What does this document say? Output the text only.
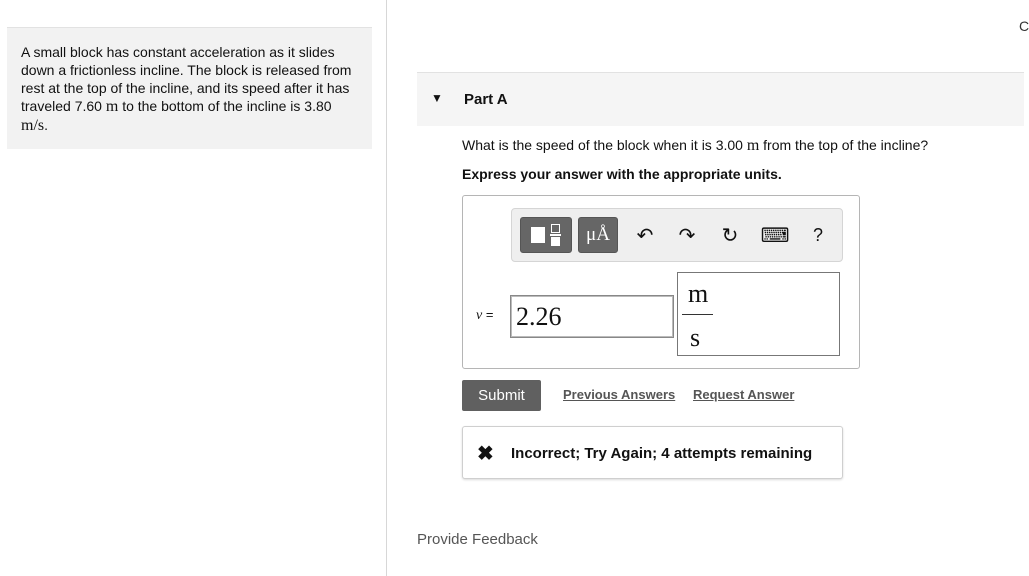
A small block has constant acceleration as it slides down a frictionless incline. The block is released from rest at the top of the incline, and its speed after it has traveled 7.60 m to the bottom of the incline is 3.80 m/s.
C
▼ Part A
What is the speed of the block when it is 3.00 m from the top of the incline?
Express your answer with the appropriate units.
μÅ ↶ ↷ ↻ ⌨ ?
v =
2.26
m
s
Submit	Previous Answers Request Answer
✖ Incorrect; Try Again; 4 attempts remaining
Provide Feedback
